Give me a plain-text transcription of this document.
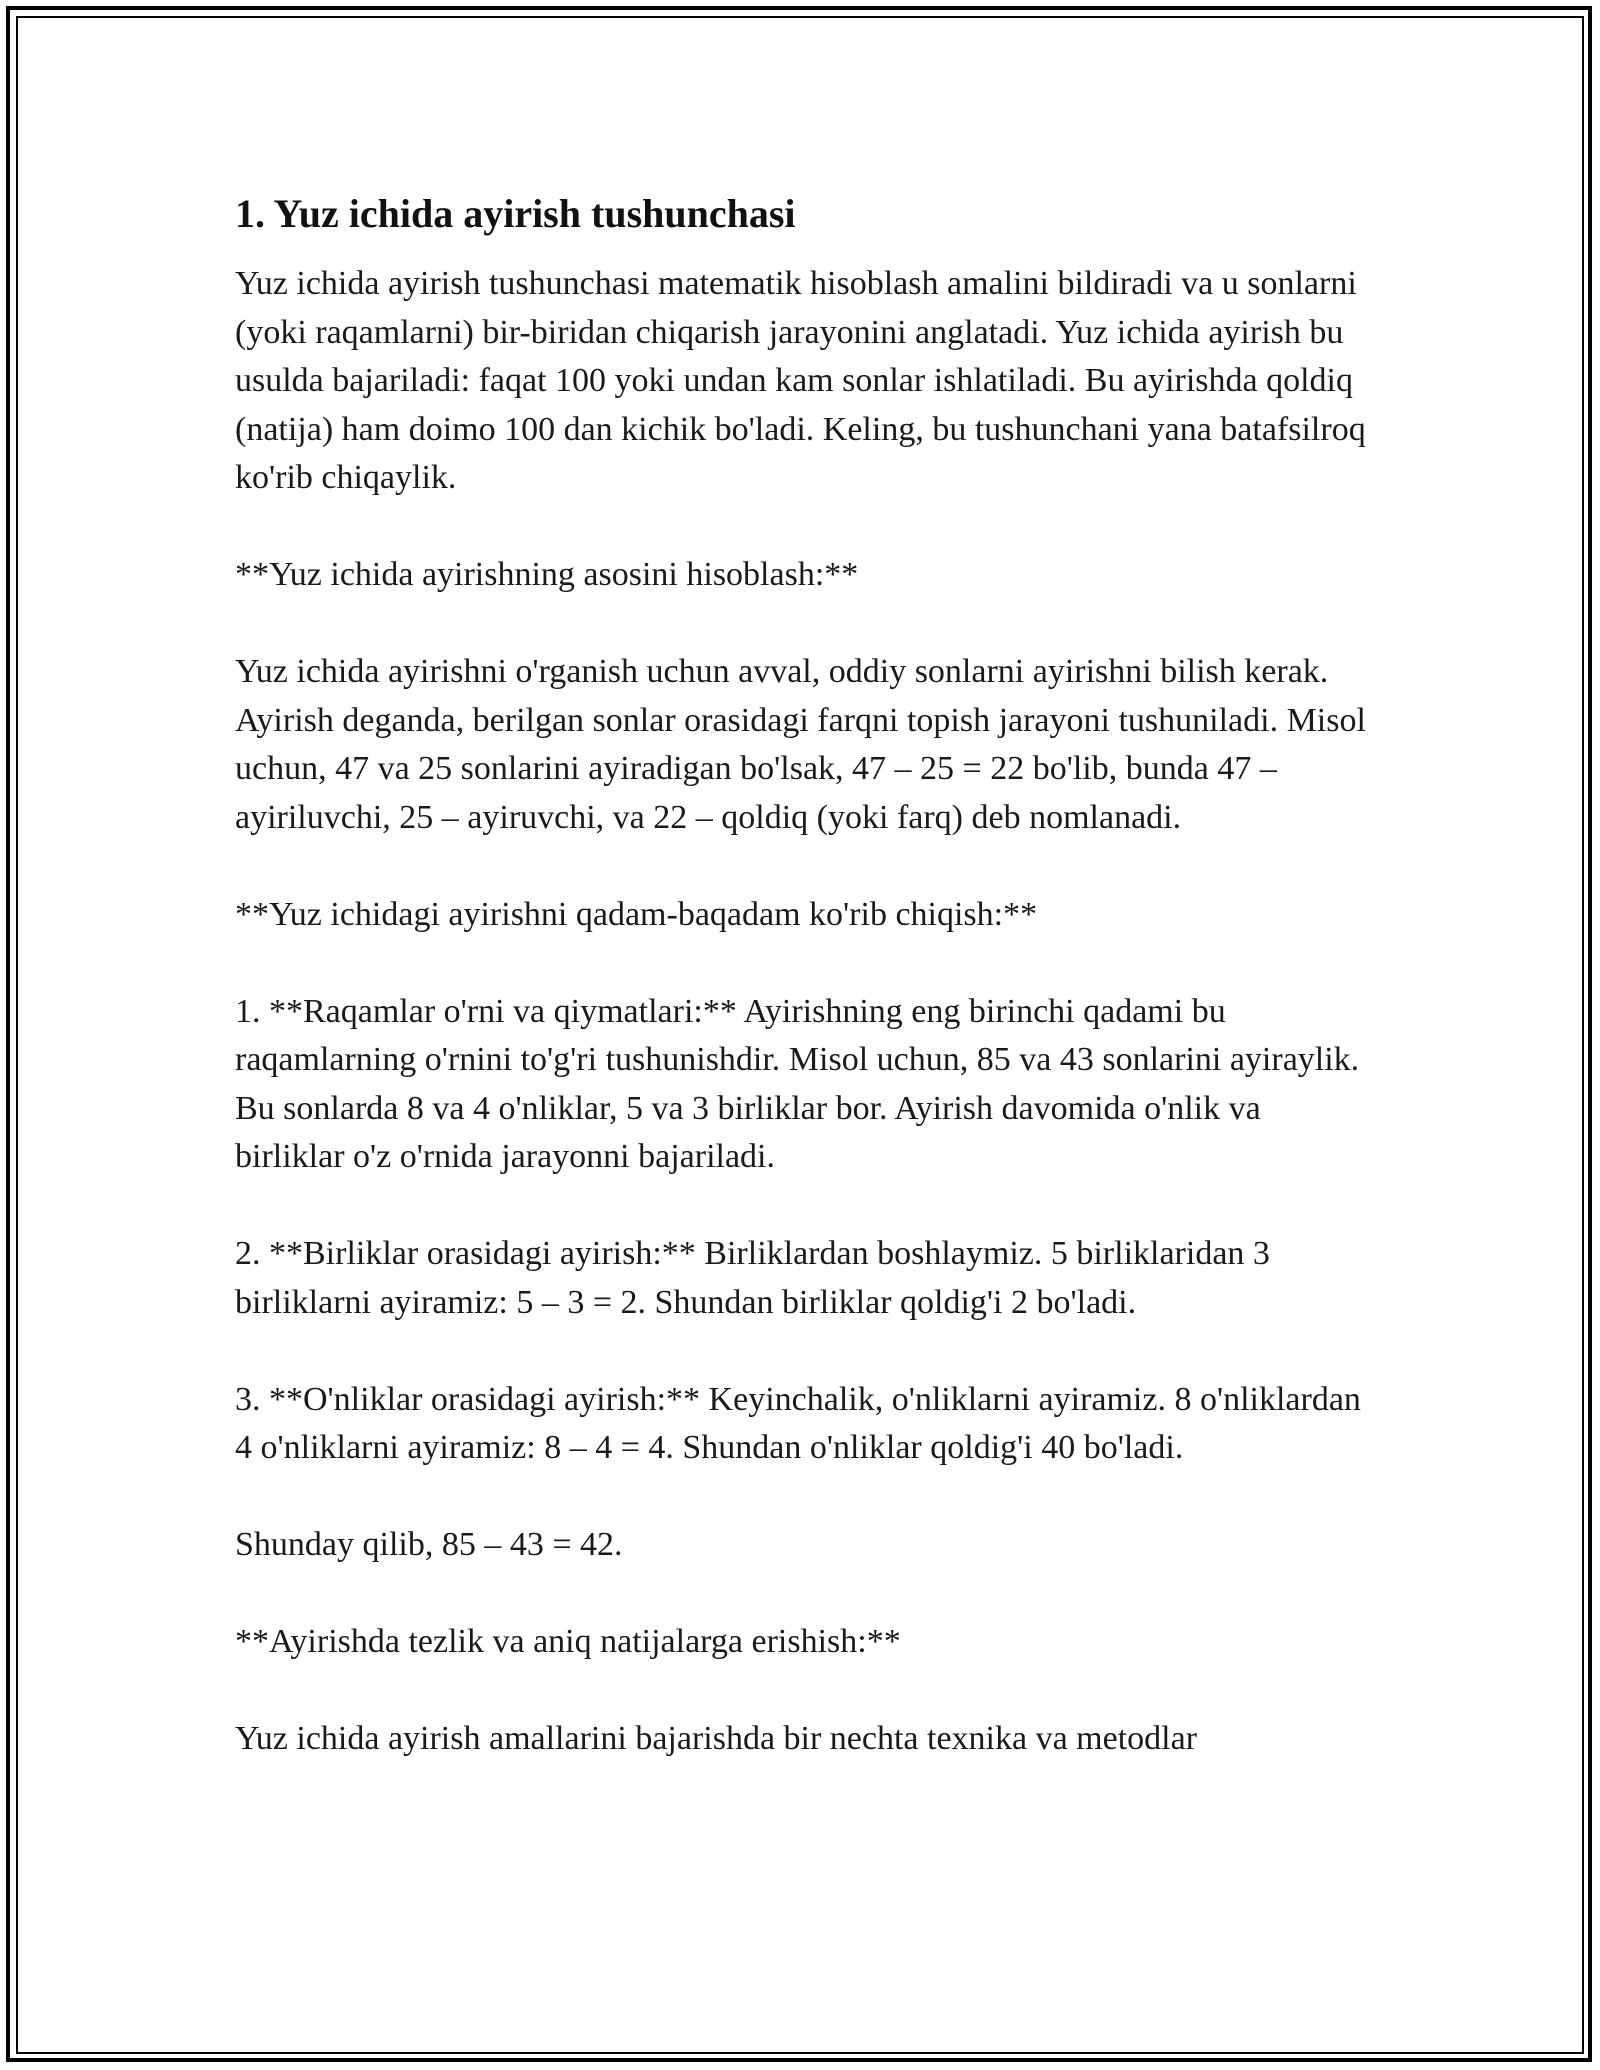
1. Yuz ichida ayirish tushunchasi

Yuz ichida ayirish tushunchasi matematik hisoblash amalini bildiradi va u sonlarni (yoki raqamlarni) bir-biridan chiqarish jarayonini anglatadi. Yuz ichida ayirish bu usulda bajariladi: faqat 100 yoki undan kam sonlar ishlatiladi. Bu ayirishda qoldiq (natija) ham doimo 100 dan kichik bo'ladi. Keling, bu tushunchani yana batafsilroq ko'rib chiqaylik.

**Yuz ichida ayirishning asosini hisoblash:**

Yuz ichida ayirishni o'rganish uchun avval, oddiy sonlarni ayirishni bilish kerak. Ayirish deganda, berilgan sonlar orasidagi farqni topish jarayoni tushuniladi. Misol uchun, 47 va 25 sonlarini ayiradigan bo'lsak, 47 – 25 = 22 bo'lib, bunda 47 – ayiriluvchi, 25 – ayiruvchi, va 22 – qoldiq (yoki farq) deb nomlanadi.

**Yuz ichidagi ayirishni qadam-baqadam ko'rib chiqish:**

1. **Raqamlar o'rni va qiymatlari:** Ayirishning eng birinchi qadami bu raqamlarning o'rnini to'g'ri tushunishdir. Misol uchun, 85 va 43 sonlarini ayiraylik. Bu sonlarda 8 va 4 o'nliklar, 5 va 3 birliklar bor. Ayirish davomida o'nlik va birliklar o'z o'rnida jarayonni bajariladi.

2. **Birliklar orasidagi ayirish:** Birliklardan boshlaymiz. 5 birliklaridan 3 birliklarni ayiramiz: 5 – 3 = 2. Shundan birliklar qoldig'i 2 bo'ladi.

3. **O'nliklar orasidagi ayirish:** Keyinchalik, o'nliklarni ayiramiz. 8 o'nliklardan 4 o'nliklarni ayiramiz: 8 – 4 = 4. Shundan o'nliklar qoldig'i 40 bo'ladi.

Shunday qilib, 85 – 43 = 42.

**Ayirishda tezlik va aniq natijalarga erishish:**

Yuz ichida ayirish amallarini bajarishda bir nechta texnika va metodlar
